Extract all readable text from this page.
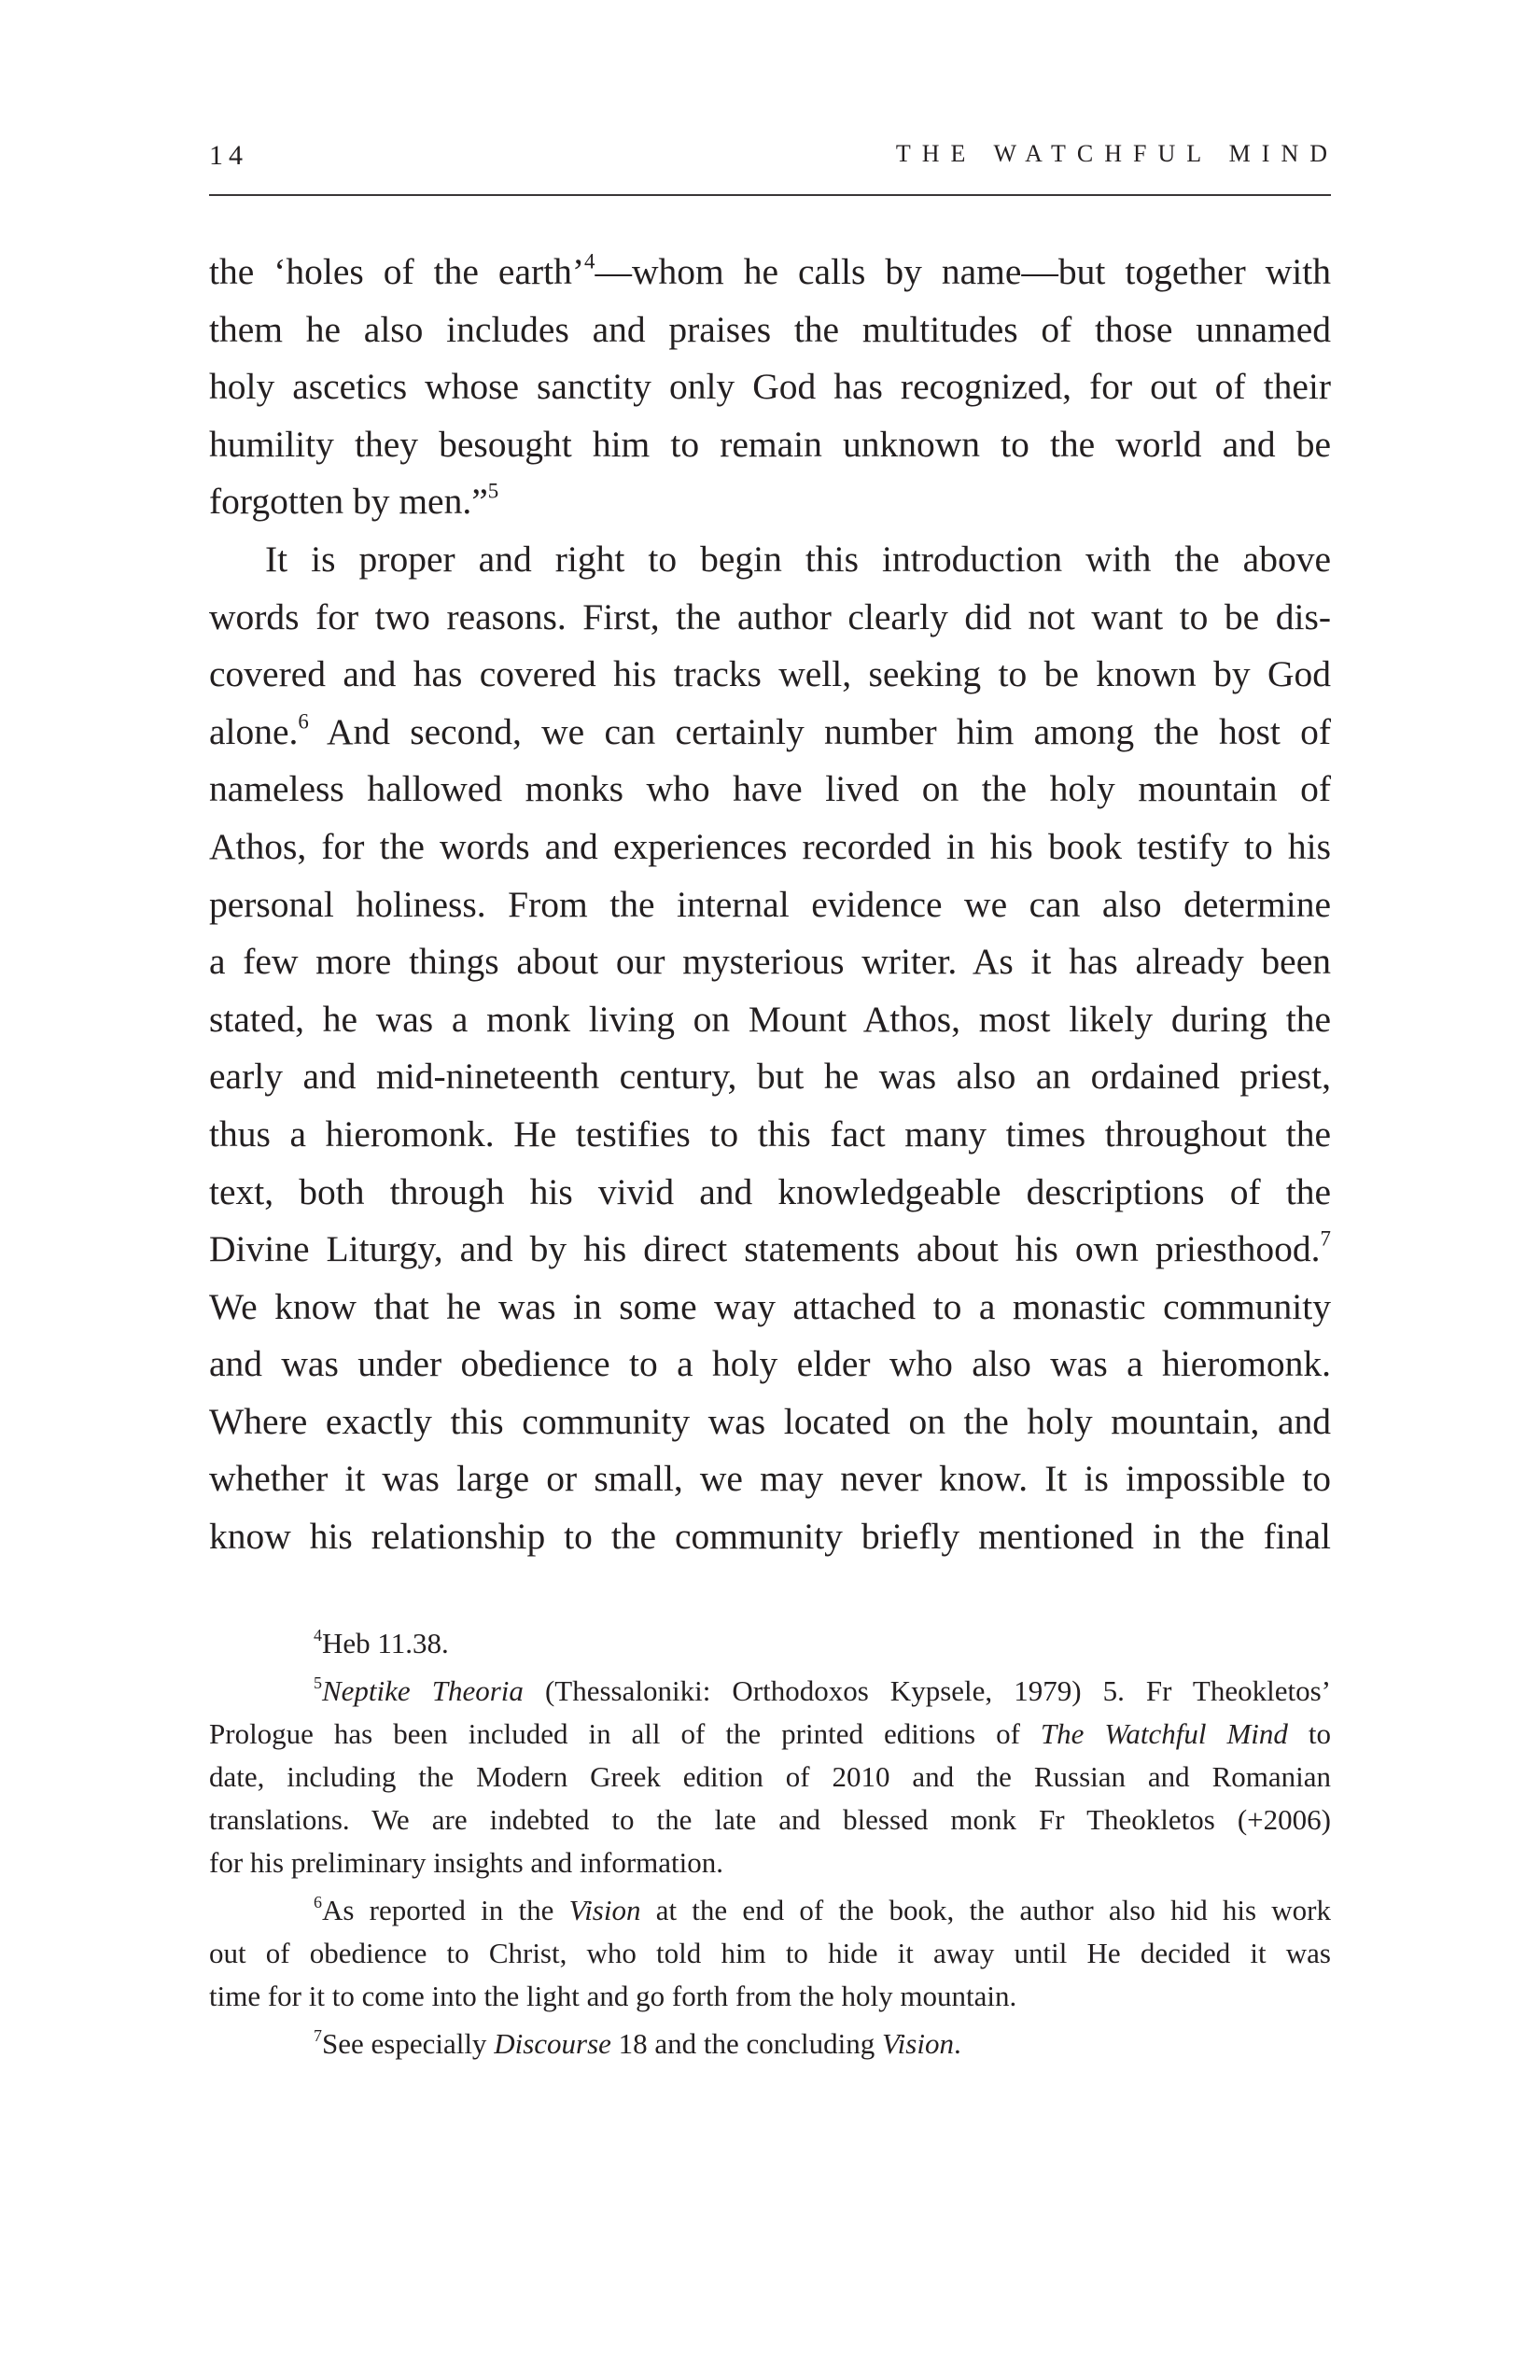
14	THE WATCHFUL MIND

the ‘holes of the earth’$^4$—whom he calls by name—but together with
them he also includes and praises the multitudes of those unnamed
holy ascetics whose sanctity only God has recognized, for out of their
humility they besought him to remain unknown to the world and be
forgotten by men.”$^5$

It is proper and right to begin this introduction with the above
words for two reasons. First, the author clearly did not want to be dis-
covered and has covered his tracks well, seeking to be known by God
alone.$^6$ And second, we can certainly number him among the host of
nameless hallowed monks who have lived on the holy mountain of
Athos, for the words and experiences recorded in his book testify to his
personal holiness. From the internal evidence we can also determine
a few more things about our mysterious writer. As it has already been
stated, he was a monk living on Mount Athos, most likely during the
early and mid-nineteenth century, but he was also an ordained priest,
thus a hieromonk. He testifies to this fact many times throughout the
text, both through his vivid and knowledgeable descriptions of the
Divine Liturgy, and by his direct statements about his own priesthood.$^7$
We know that he was in some way attached to a monastic community
and was under obedience to a holy elder who also was a hieromonk.
Where exactly this community was located on the holy mountain, and
whether it was large or small, we may never know. It is impossible to
know his relationship to the community briefly mentioned in the final

$^4$Heb 11.38.
$^5$Neptike Theoria (Thessaloniki: Orthodoxos Kypsele, 1979) 5. Fr Theokletos’
Prologue has been included in all of the printed editions of The Watchful Mind to
date, including the Modern Greek edition of 2010 and the Russian and Romanian
translations. We are indebted to the late and blessed monk Fr Theokletos (+2006)
for his preliminary insights and information.
$^6$As reported in the Vision at the end of the book, the author also hid his work
out of obedience to Christ, who told him to hide it away until He decided it was
time for it to come into the light and go forth from the holy mountain.
$^7$See especially Discourse 18 and the concluding Vision.
